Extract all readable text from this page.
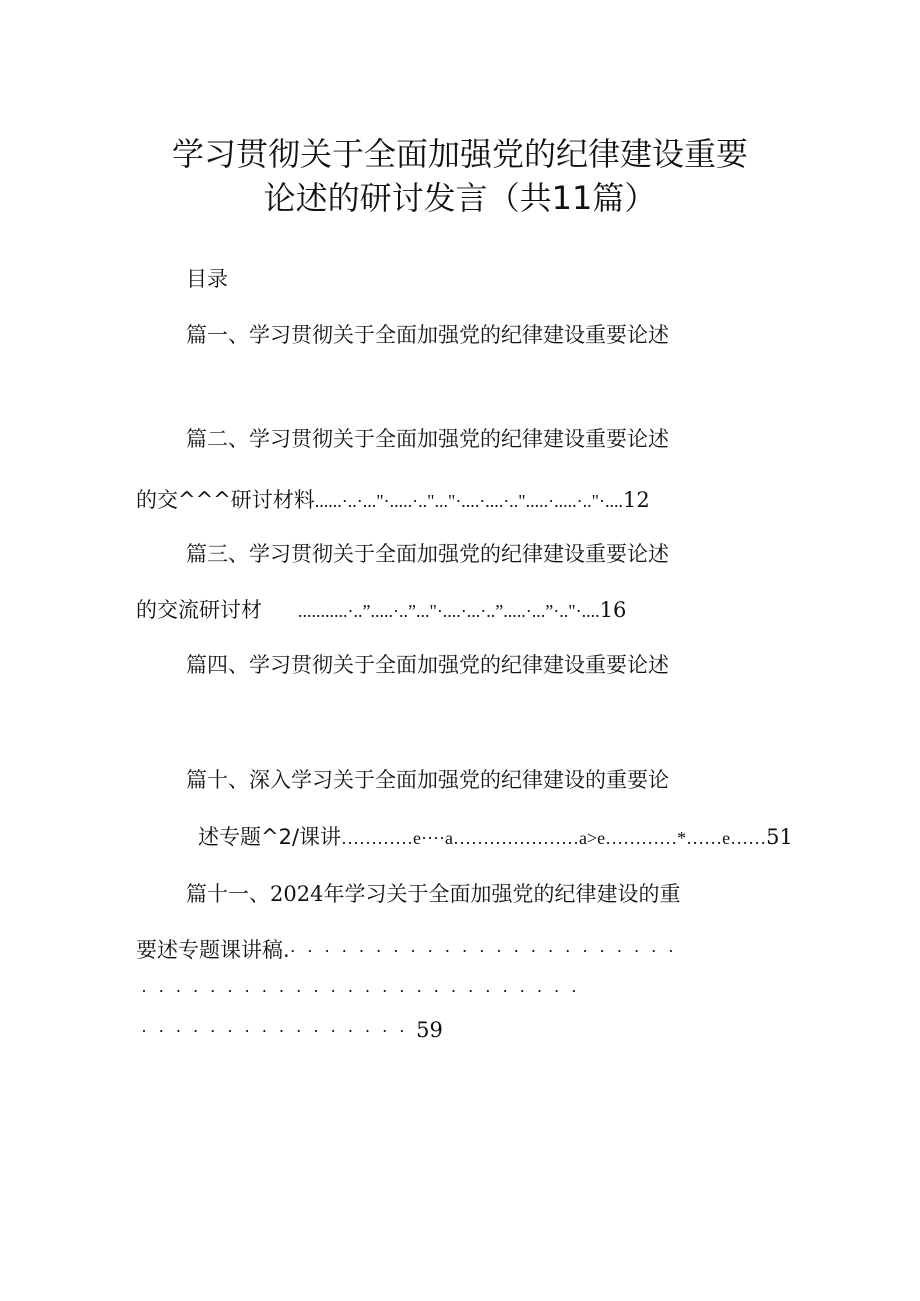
学习贯彻关于全面加强党的纪律建设重要
论述的研讨发言（共11篇）
目录
篇一、学习贯彻关于全面加强党的纪律建设重要论述
篇二、学习贯彻关于全面加强党的纪律建设重要论述
的交^^^研讨材料......·..·..."·.....·.."..."·....·....·..".....·.....·.."·....12
篇三、学习贯彻关于全面加强党的纪律建设重要论述
的交流研讨材 ...........·..”.....·..”..."·....·...·..”.....·...”·.."·....16
篇四、学习贯彻关于全面加强党的纪律建设重要论述
篇十、深入学习关于全面加强党的纪律建设的重要论
述专题^2/课讲…………e····a…………………a>e…………*……e……51
篇十一、2024年学习关于全面加强党的纪律建设的重
要述专题课讲稿.·······················
··························
················59
